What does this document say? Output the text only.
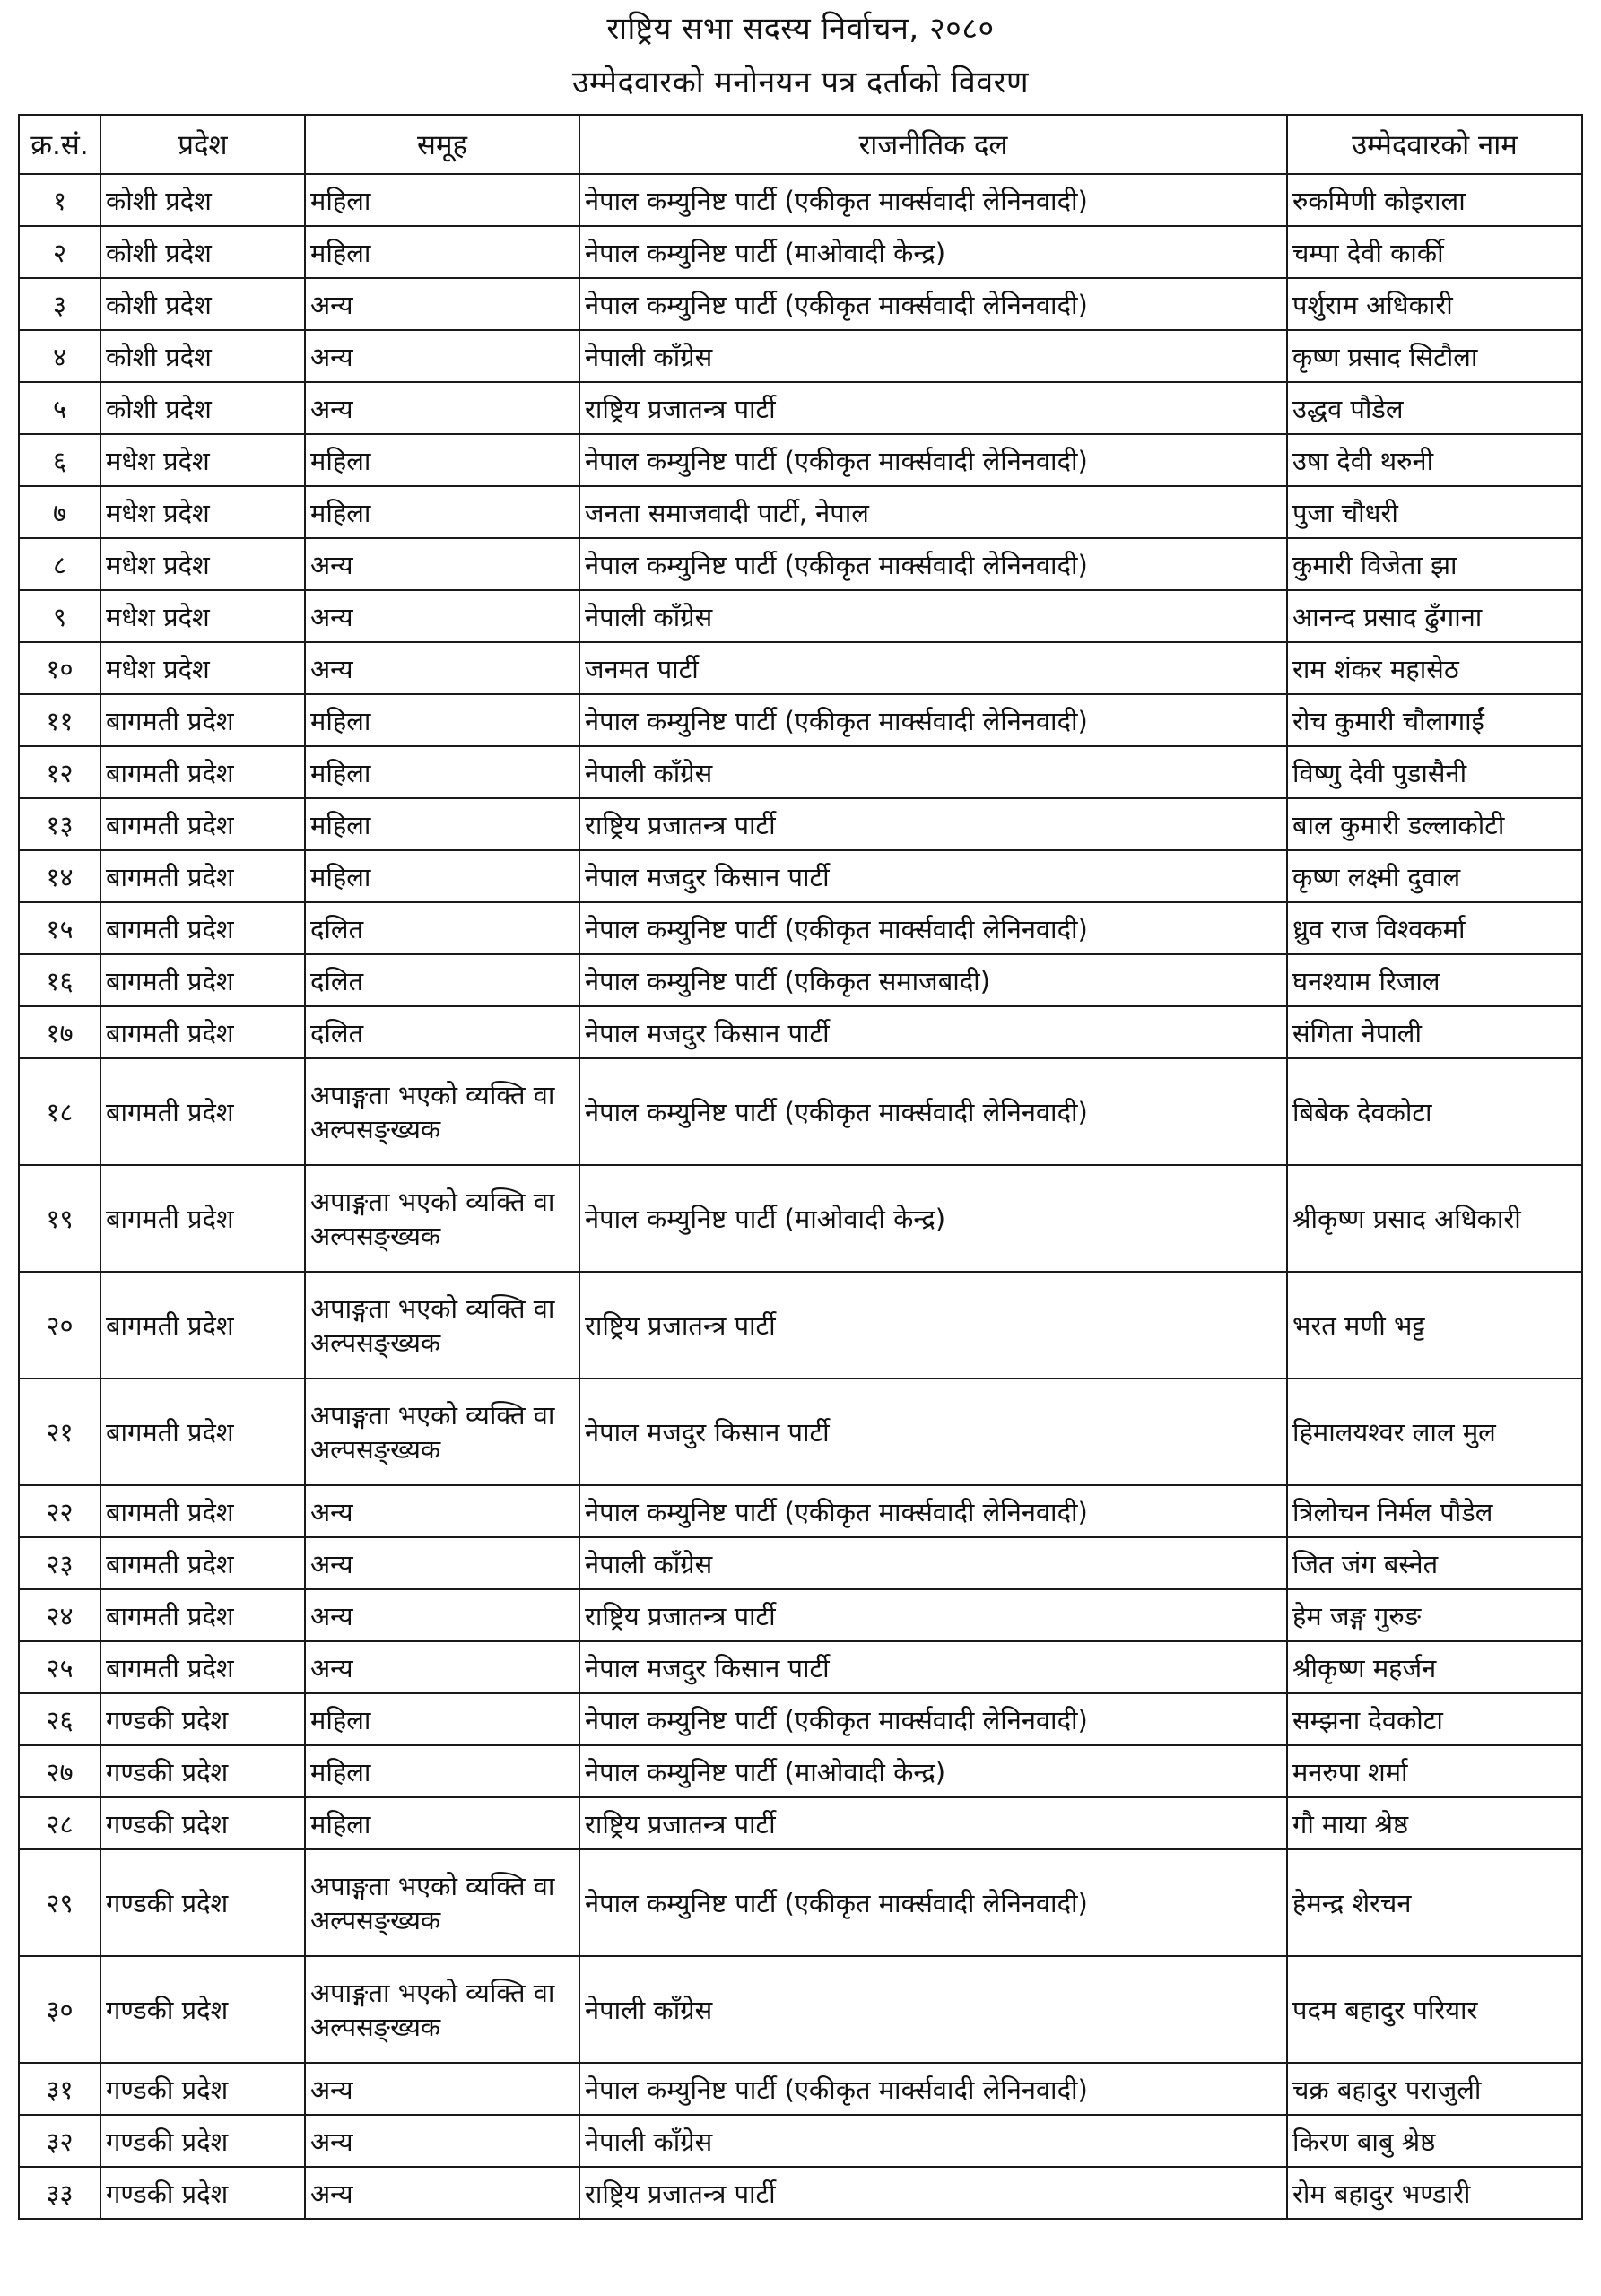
राष्ट्रिय सभा सदस्य निर्वाचन, २०८०
उम्मेदवारको मनोनयन पत्र दर्ताको विवरण
क्र.सं.	प्रदेश	समूह	राजनीतिक दल	उम्मेदवारको नाम
१	कोशी प्रदेश	महिला	नेपाल कम्युनिष्ट पार्टी (एकीकृत मार्क्सवादी लेनिनवादी)	रुकमिणी कोइराला
२	कोशी प्रदेश	महिला	नेपाल कम्युनिष्ट पार्टी (माओवादी केन्द्र)	चम्पा देवी कार्की
३	कोशी प्रदेश	अन्य	नेपाल कम्युनिष्ट पार्टी (एकीकृत मार्क्सवादी लेनिनवादी)	पर्शुराम अधिकारी
४	कोशी प्रदेश	अन्य	नेपाली काँग्रेस	कृष्ण प्रसाद सिटौला
५	कोशी प्रदेश	अन्य	राष्ट्रिय प्रजातन्त्र पार्टी	उद्धव पौडेल
६	मधेश प्रदेश	महिला	नेपाल कम्युनिष्ट पार्टी (एकीकृत मार्क्सवादी लेनिनवादी)	उषा देवी थरुनी
७	मधेश प्रदेश	महिला	जनता समाजवादी पार्टी, नेपाल	पुजा चौधरी
८	मधेश प्रदेश	अन्य	नेपाल कम्युनिष्ट पार्टी (एकीकृत मार्क्सवादी लेनिनवादी)	कुमारी विजेता झा
९	मधेश प्रदेश	अन्य	नेपाली काँग्रेस	आनन्द प्रसाद ढुँगाना
१०	मधेश प्रदेश	अन्य	जनमत पार्टी	राम शंकर महासेठ
११	बागमती प्रदेश	महिला	नेपाल कम्युनिष्ट पार्टी (एकीकृत मार्क्सवादी लेनिनवादी)	रोच कुमारी चौलागाईं
१२	बागमती प्रदेश	महिला	नेपाली काँग्रेस	विष्णु देवी पुडासैनी
१३	बागमती प्रदेश	महिला	राष्ट्रिय प्रजातन्त्र पार्टी	बाल कुमारी डल्लाकोटी
१४	बागमती प्रदेश	महिला	नेपाल मजदुर किसान पार्टी	कृष्ण लक्ष्मी दुवाल
१५	बागमती प्रदेश	दलित	नेपाल कम्युनिष्ट पार्टी (एकीकृत मार्क्सवादी लेनिनवादी)	ध्रुव राज विश्वकर्मा
१६	बागमती प्रदेश	दलित	नेपाल कम्युनिष्ट पार्टी (एकिकृत समाजबादी)	घनश्याम रिजाल
१७	बागमती प्रदेश	दलित	नेपाल मजदुर किसान पार्टी	संगिता नेपाली
१८	बागमती प्रदेश	अपाङ्गता भएको व्यक्ति वा अल्पसङ्ख्यक	नेपाल कम्युनिष्ट पार्टी (एकीकृत मार्क्सवादी लेनिनवादी)	बिबेक देवकोटा
१९	बागमती प्रदेश	अपाङ्गता भएको व्यक्ति वा अल्पसङ्ख्यक	नेपाल कम्युनिष्ट पार्टी (माओवादी केन्द्र)	श्रीकृष्ण प्रसाद अधिकारी
२०	बागमती प्रदेश	अपाङ्गता भएको व्यक्ति वा अल्पसङ्ख्यक	राष्ट्रिय प्रजातन्त्र पार्टी	भरत मणी भट्ट
२१	बागमती प्रदेश	अपाङ्गता भएको व्यक्ति वा अल्पसङ्ख्यक	नेपाल मजदुर किसान पार्टी	हिमालयश्वर लाल मुल
२२	बागमती प्रदेश	अन्य	नेपाल कम्युनिष्ट पार्टी (एकीकृत मार्क्सवादी लेनिनवादी)	त्रिलोचन निर्मल पौडेल
२३	बागमती प्रदेश	अन्य	नेपाली काँग्रेस	जित जंग बस्नेत
२४	बागमती प्रदेश	अन्य	राष्ट्रिय प्रजातन्त्र पार्टी	हेम जङ्ग गुरुङ
२५	बागमती प्रदेश	अन्य	नेपाल मजदुर किसान पार्टी	श्रीकृष्ण महर्जन
२६	गण्डकी प्रदेश	महिला	नेपाल कम्युनिष्ट पार्टी (एकीकृत मार्क्सवादी लेनिनवादी)	सम्झना देवकोटा
२७	गण्डकी प्रदेश	महिला	नेपाल कम्युनिष्ट पार्टी (माओवादी केन्द्र)	मनरुपा शर्मा
२८	गण्डकी प्रदेश	महिला	राष्ट्रिय प्रजातन्त्र पार्टी	गौ माया श्रेष्ठ
२९	गण्डकी प्रदेश	अपाङ्गता भएको व्यक्ति वा अल्पसङ्ख्यक	नेपाल कम्युनिष्ट पार्टी (एकीकृत मार्क्सवादी लेनिनवादी)	हेमन्द्र शेरचन
३०	गण्डकी प्रदेश	अपाङ्गता भएको व्यक्ति वा अल्पसङ्ख्यक	नेपाली काँग्रेस	पदम बहादुर परियार
३१	गण्डकी प्रदेश	अन्य	नेपाल कम्युनिष्ट पार्टी (एकीकृत मार्क्सवादी लेनिनवादी)	चक्र बहादुर पराजुली
३२	गण्डकी प्रदेश	अन्य	नेपाली काँग्रेस	किरण बाबु श्रेष्ठ
३३	गण्डकी प्रदेश	अन्य	राष्ट्रिय प्रजातन्त्र पार्टी	रोम बहादुर भण्डारी
